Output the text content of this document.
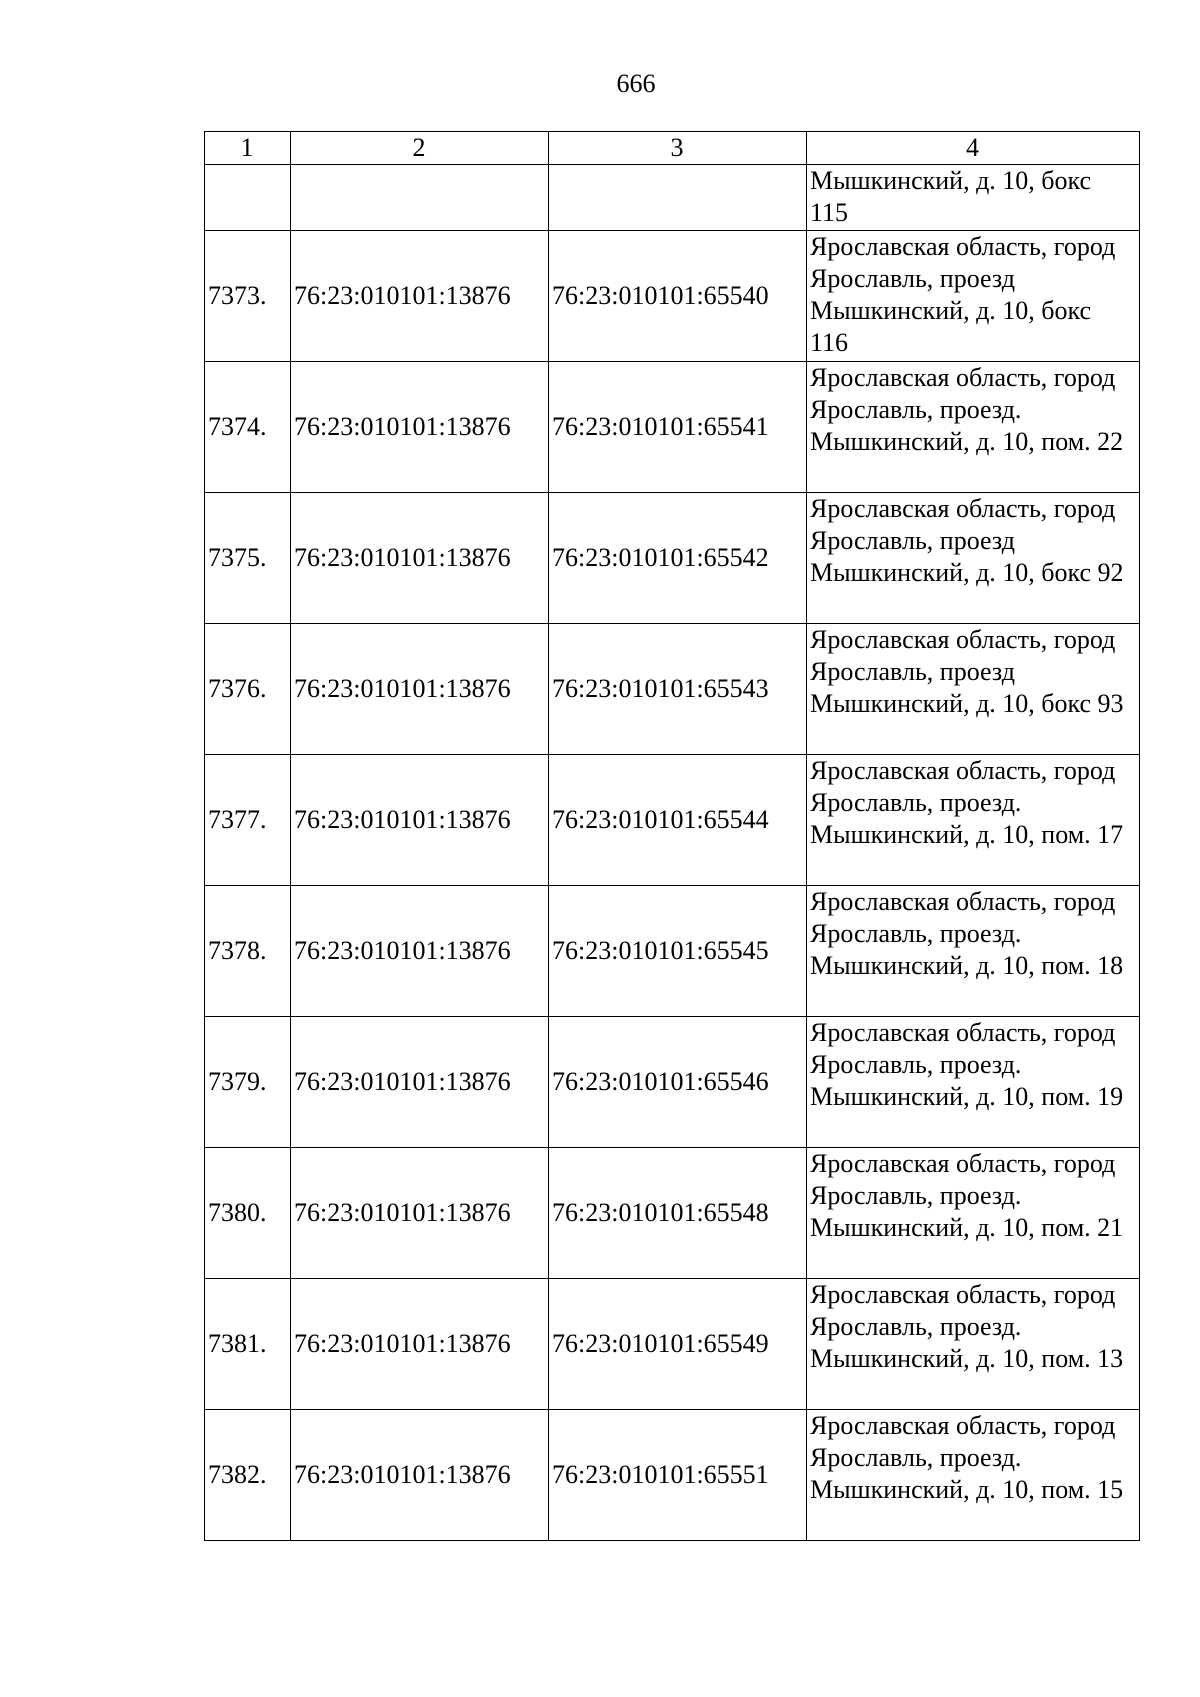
666
1	2	3	4
			Мышкинский, д. 10, бокс 115
7373.	76:23:010101:13876	76:23:010101:65540	Ярославская область, город Ярославль, проезд Мышкинский, д. 10, бокс 116
7374.	76:23:010101:13876	76:23:010101:65541	Ярославская область, город Ярославль, проезд. Мышкинский, д. 10, пом. 22
7375.	76:23:010101:13876	76:23:010101:65542	Ярославская область, город Ярославль, проезд Мышкинский, д. 10, бокс 92
7376.	76:23:010101:13876	76:23:010101:65543	Ярославская область, город Ярославль, проезд Мышкинский, д. 10, бокс 93
7377.	76:23:010101:13876	76:23:010101:65544	Ярославская область, город Ярославль, проезд. Мышкинский, д. 10, пом. 17
7378.	76:23:010101:13876	76:23:010101:65545	Ярославская область, город Ярославль, проезд. Мышкинский, д. 10, пом. 18
7379.	76:23:010101:13876	76:23:010101:65546	Ярославская область, город Ярославль, проезд. Мышкинский, д. 10, пом. 19
7380.	76:23:010101:13876	76:23:010101:65548	Ярославская область, город Ярославль, проезд. Мышкинский, д. 10, пом. 21
7381.	76:23:010101:13876	76:23:010101:65549	Ярославская область, город Ярославль, проезд. Мышкинский, д. 10, пом. 13
7382.	76:23:010101:13876	76:23:010101:65551	Ярославская область, город Ярославль, проезд. Мышкинский, д. 10, пом. 15
